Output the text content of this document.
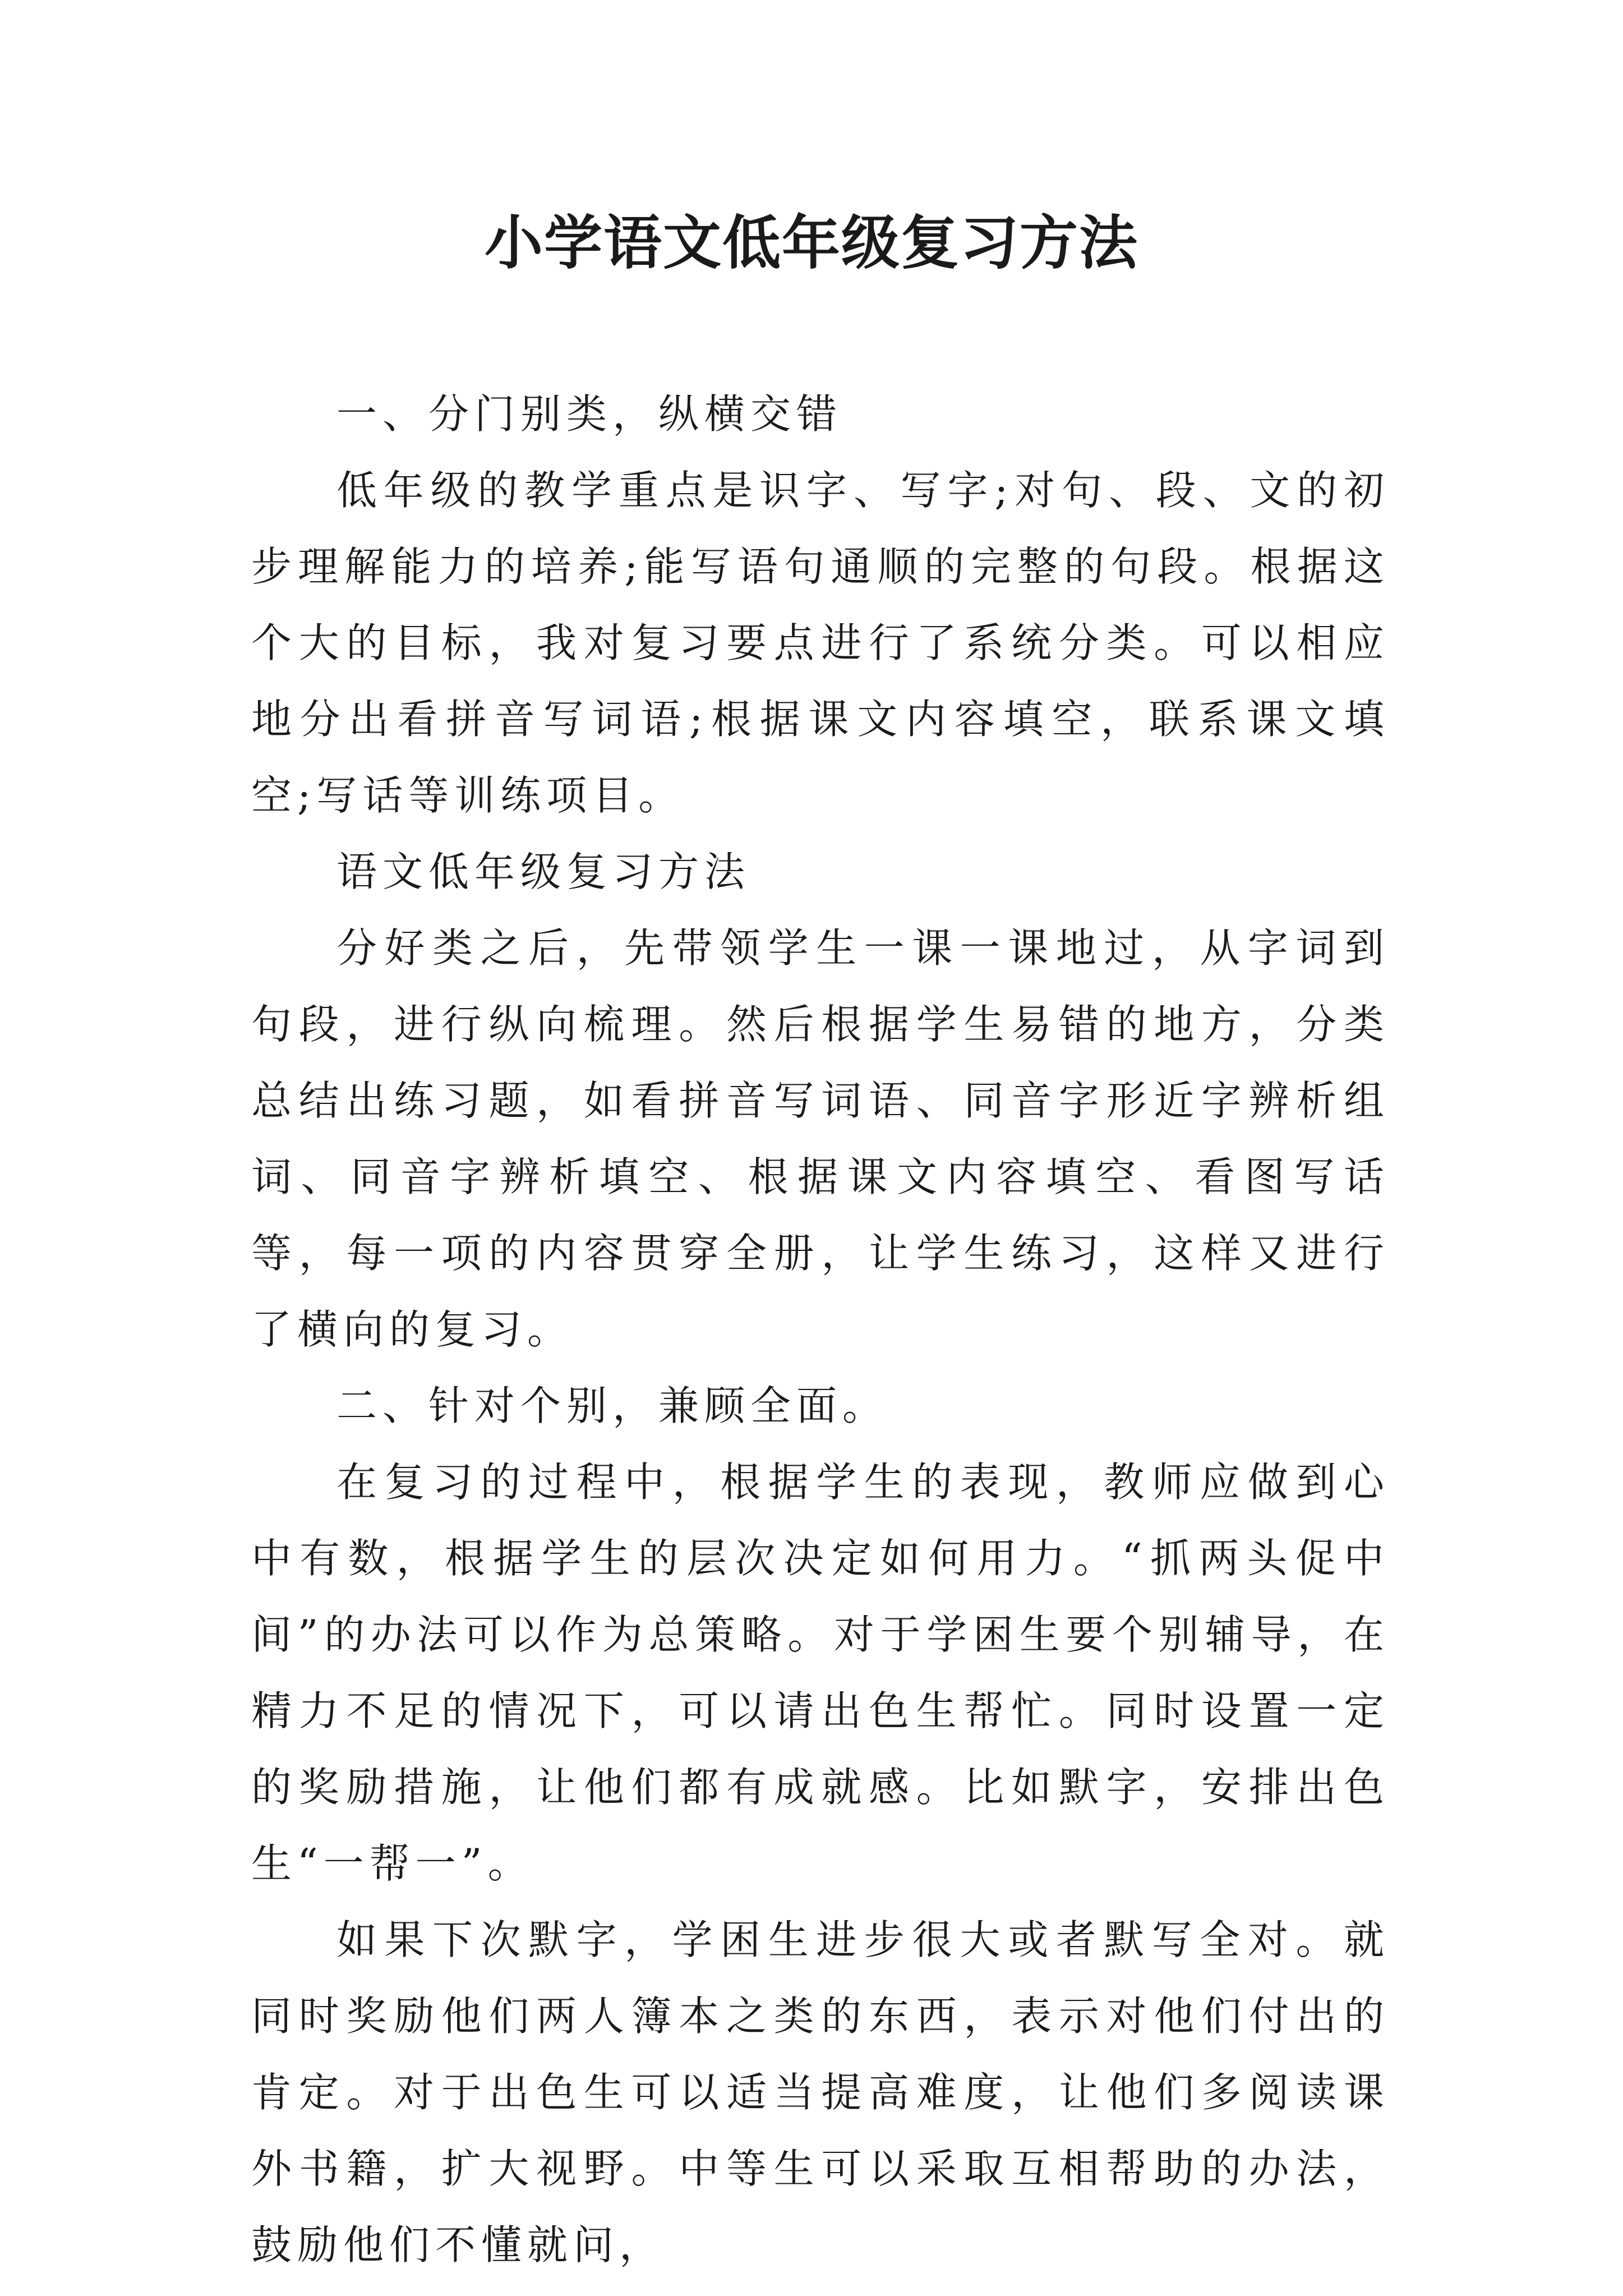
小学语文低年级复习方法

一、分门别类，纵横交错

低年级的教学重点是识字、写字;对句、段、文的初步理解能力的培养;能写语句通顺的完整的句段。根据这个大的目标，我对复习要点进行了系统分类。可以相应地分出看拼音写词语;根据课文内容填空，联系课文填空;写话等训练项目。

语文低年级复习方法

分好类之后，先带领学生一课一课地过，从字词到句段，进行纵向梳理。然后根据学生易错的地方，分类总结出练习题，如看拼音写词语、同音字形近字辨析组词、同音字辨析填空、根据课文内容填空、看图写话等，每一项的内容贯穿全册，让学生练习，这样又进行了横向的复习。

二、针对个别，兼顾全面。

在复习的过程中，根据学生的表现，教师应做到心中有数，根据学生的层次决定如何用力。“抓两头促中间”的办法可以作为总策略。对于学困生要个别辅导，在精力不足的情况下，可以请出色生帮忙。同时设置一定的奖励措施，让他们都有成就感。比如默字，安排出色生“一帮一”。

如果下次默字，学困生进步很大或者默写全对。就同时奖励他们两人簿本之类的东西，表示对他们付出的肯定。对于出色生可以适当提高难度，让他们多阅读课外书籍，扩大视野。中等生可以采取互相帮助的办法，鼓励他们不懂就问，
